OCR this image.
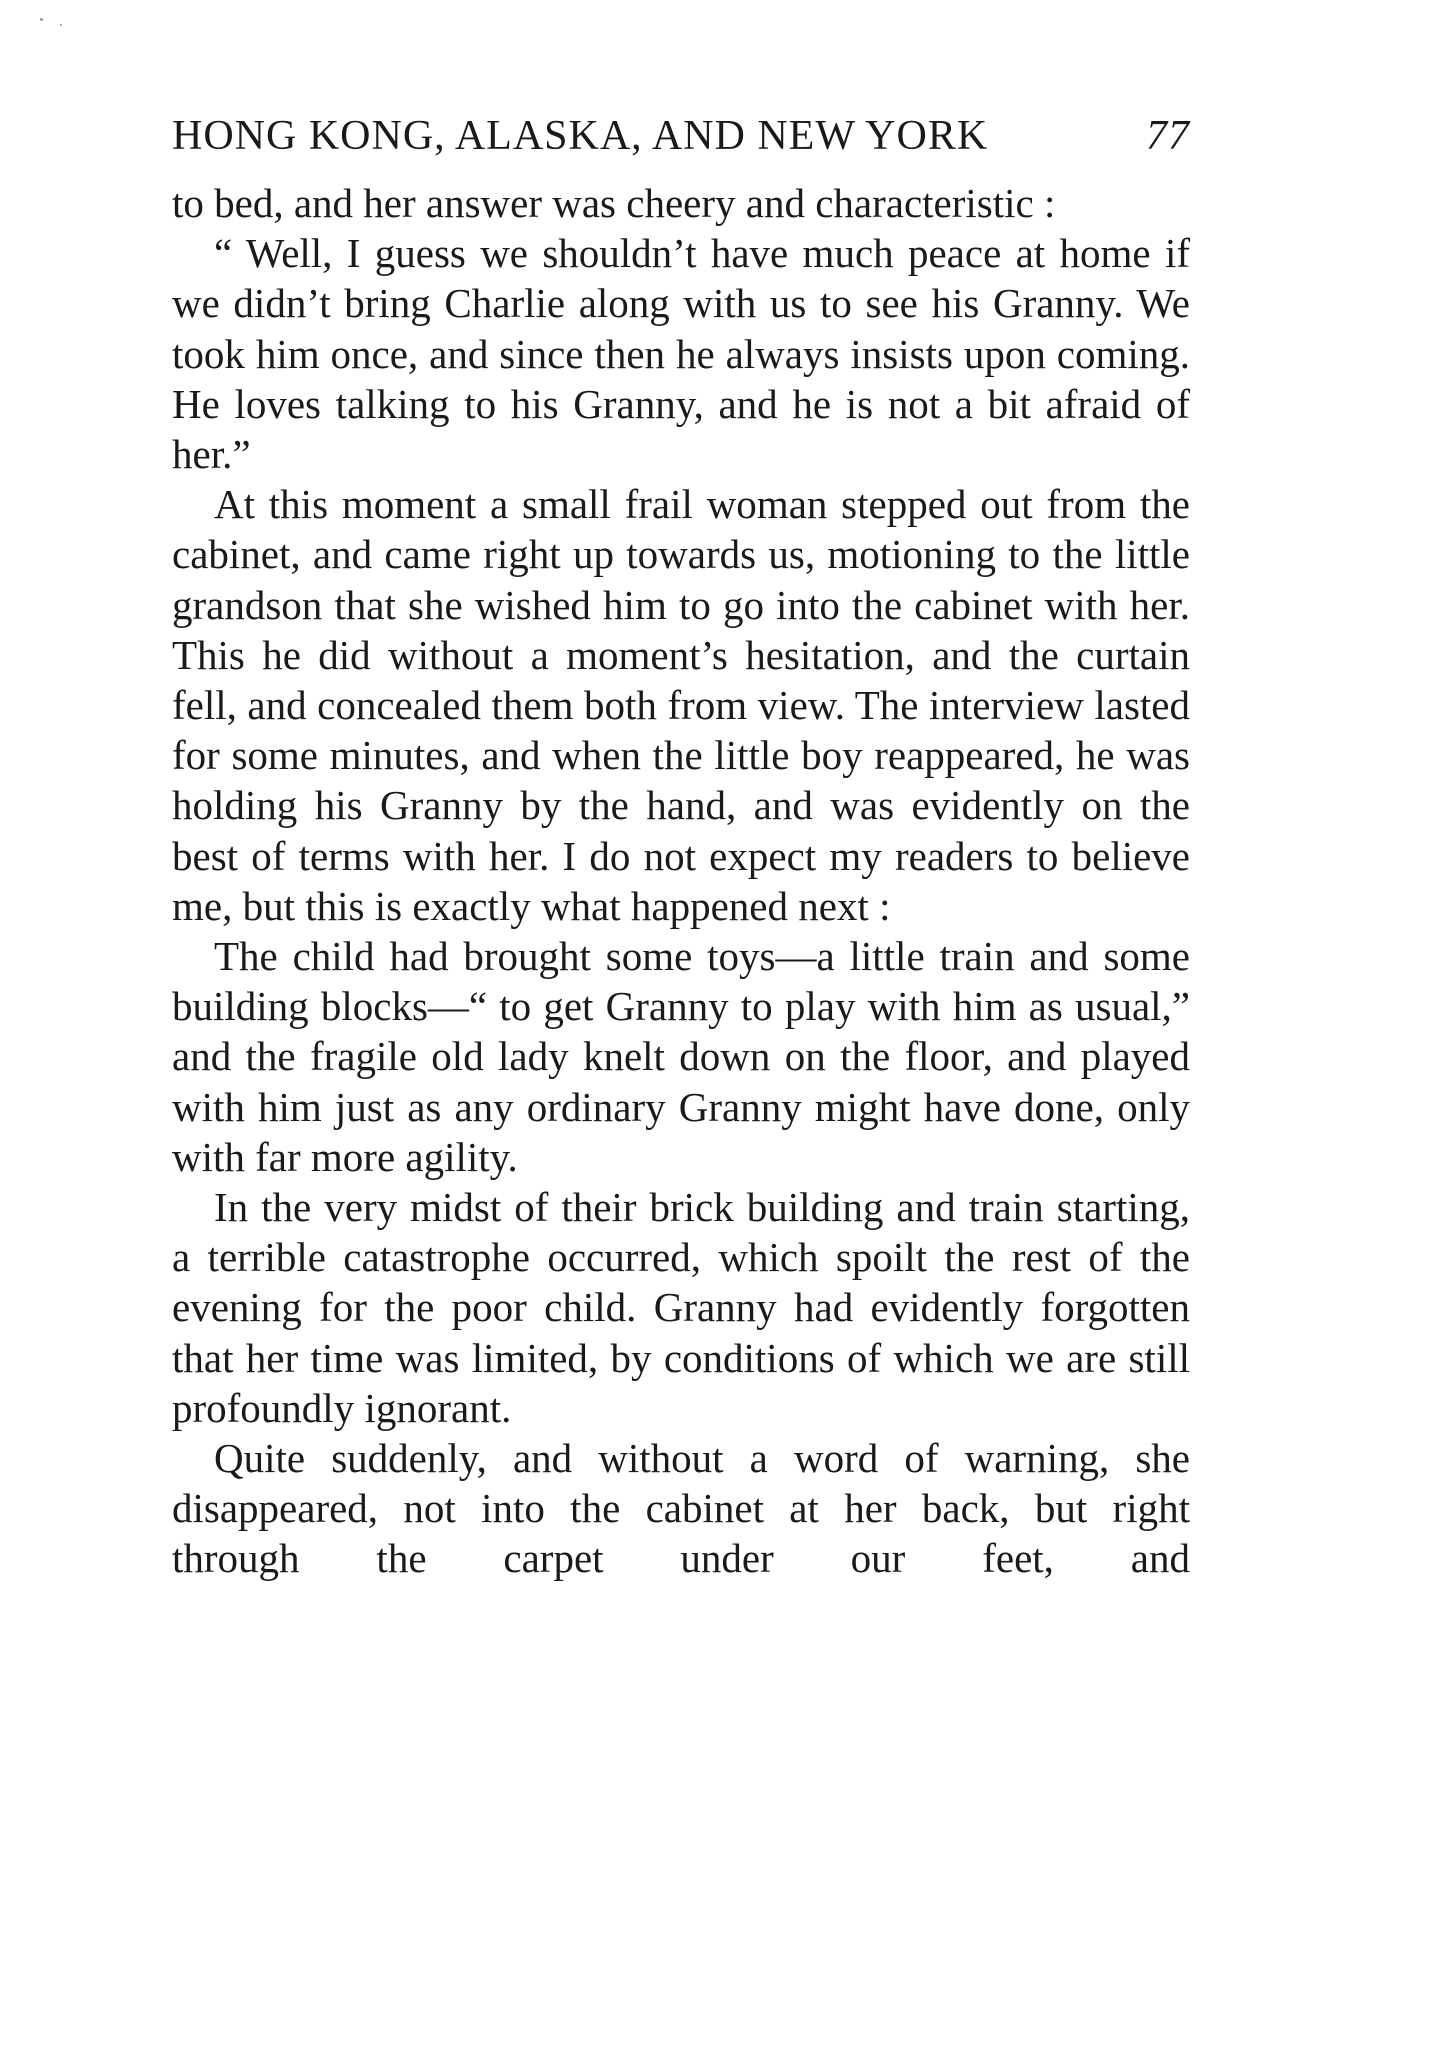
HONG KONG, ALASKA, AND NEW YORK	77

to bed, and her answer was cheery and characteristic :

“ Well, I guess we shouldn’t have much peace at home if we didn’t bring Charlie along with us to see his Granny. We took him once, and since then he always insists upon coming. He loves talking to his Granny, and he is not a bit afraid of her.”

At this moment a small frail woman stepped out from the cabinet, and came right up towards us, motioning to the little grandson that she wished him to go into the cabinet with her. This he did without a moment’s hesitation, and the curtain fell, and concealed them both from view. The interview lasted for some minutes, and when the little boy reappeared, he was holding his Granny by the hand, and was evidently on the best of terms with her. I do not expect my readers to believe me, but this is exactly what happened next :

The child had brought some toys—a little train and some building blocks—“ to get Granny to play with him as usual,” and the fragile old lady knelt down on the floor, and played with him just as any ordinary Granny might have done, only with far more agility.

In the very midst of their brick building and train starting, a terrible catastrophe occurred, which spoilt the rest of the evening for the poor child. Granny had evidently forgotten that her time was limited, by conditions of which we are still profoundly ignorant.

Quite suddenly, and without a word of warning, she disappeared, not into the cabinet at her back, but right through the carpet under our feet, and
